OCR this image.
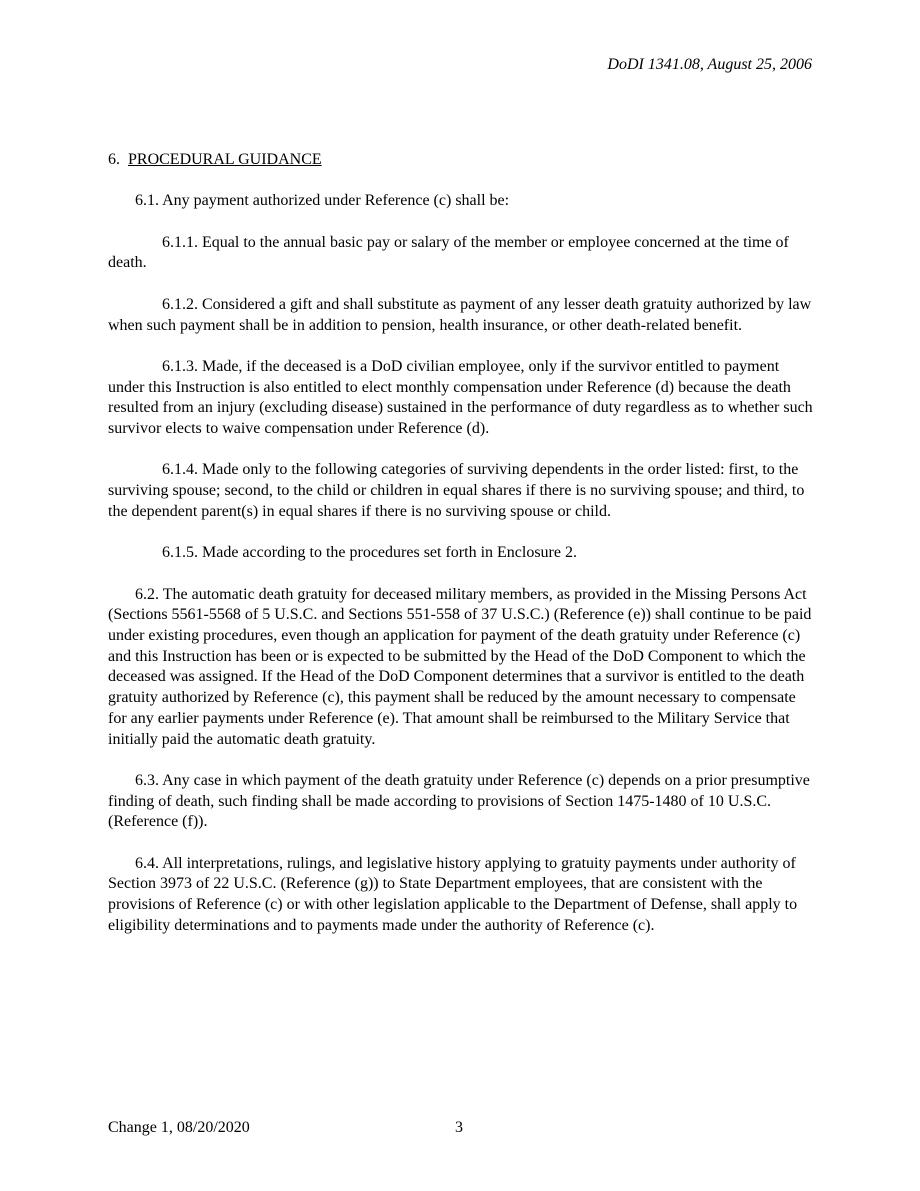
DoDI 1341.08, August 25, 2006

6. PROCEDURAL GUIDANCE

6.1. Any payment authorized under Reference (c) shall be:

6.1.1. Equal to the annual basic pay or salary of the member or employee concerned at the time of death.

6.1.2. Considered a gift and shall substitute as payment of any lesser death gratuity authorized by law when such payment shall be in addition to pension, health insurance, or other death-related benefit.

6.1.3. Made, if the deceased is a DoD civilian employee, only if the survivor entitled to payment under this Instruction is also entitled to elect monthly compensation under Reference (d) because the death resulted from an injury (excluding disease) sustained in the performance of duty regardless as to whether such survivor elects to waive compensation under Reference (d).

6.1.4. Made only to the following categories of surviving dependents in the order listed: first, to the surviving spouse; second, to the child or children in equal shares if there is no surviving spouse; and third, to the dependent parent(s) in equal shares if there is no surviving spouse or child.

6.1.5. Made according to the procedures set forth in Enclosure 2.

6.2. The automatic death gratuity for deceased military members, as provided in the Missing Persons Act (Sections 5561-5568 of 5 U.S.C. and Sections 551-558 of 37 U.S.C.) (Reference (e)) shall continue to be paid under existing procedures, even though an application for payment of the death gratuity under Reference (c) and this Instruction has been or is expected to be submitted by the Head of the DoD Component to which the deceased was assigned. If the Head of the DoD Component determines that a survivor is entitled to the death gratuity authorized by Reference (c), this payment shall be reduced by the amount necessary to compensate for any earlier payments under Reference (e). That amount shall be reimbursed to the Military Service that initially paid the automatic death gratuity.

6.3. Any case in which payment of the death gratuity under Reference (c) depends on a prior presumptive finding of death, such finding shall be made according to provisions of Section 1475-1480 of 10 U.S.C. (Reference (f)).

6.4. All interpretations, rulings, and legislative history applying to gratuity payments under authority of Section 3973 of 22 U.S.C. (Reference (g)) to State Department employees, that are consistent with the provisions of Reference (c) or with other legislation applicable to the Department of Defense, shall apply to eligibility determinations and to payments made under the authority of Reference (c).

Change 1, 08/20/2020	3
